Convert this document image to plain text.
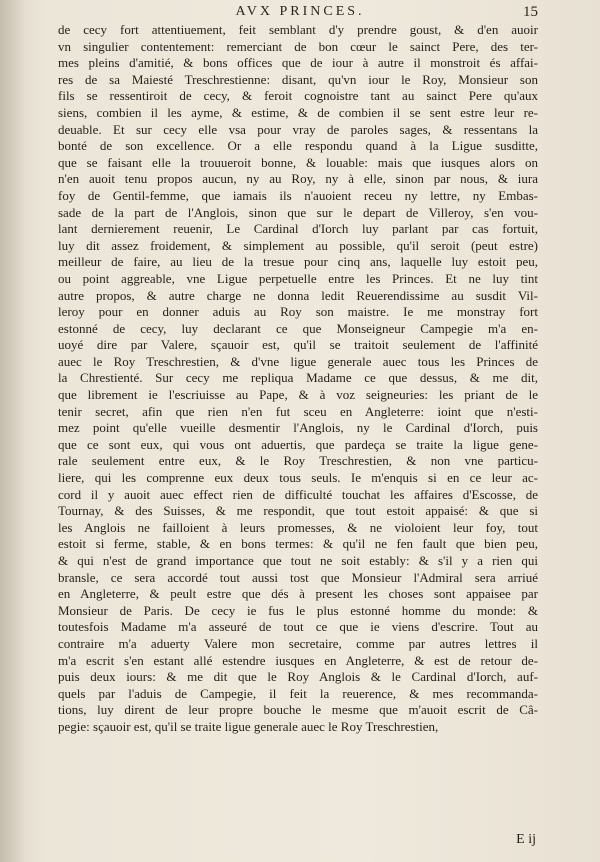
AVX PRINCES.	15
de cecy fort attentiuement, feit semblant d'y prendre goust, & d'en auoir
vn singulier contentement: remerciant de bon cœur le sainct Pere, des ter-
mes pleins d'amitié, & bons offices que de iour à autre il monstroit és affai-
res de sa Maiesté Treschrestienne: disant, qu'vn iour le Roy, Monsieur son
fils se ressentiroit de cecy, & feroit cognoistre tant au sainct Pere qu'aux
siens, combien il les ayme, & estime, & de combien il se sent estre leur re-
deuable. Et sur cecy elle vsa pour vray de paroles sages, & ressentans la
bonté de son excellence. Or a elle respondu quand à la Ligue susditte,
que se faisant elle la trouueroit bonne, & louable: mais que iusques alors on
n'en auoit tenu propos aucun, ny au Roy, ny à elle, sinon par nous, & iura
foy de Gentil-femme, que iamais ils n'auoient receu ny lettre, ny Embas-
sade de la part de l'Anglois, sinon que sur le depart de Villeroy, s'en vou-
lant dernierement reuenir, Le Cardinal d'Iorch luy parlant par cas fortuit,
luy dit assez froidement, & simplement au possible, qu'il seroit (peut estre)
meilleur de faire, au lieu de la tresue pour cinq ans, laquelle luy estoit peu,
ou point aggreable, vne Ligue perpetuelle entre les Princes. Et ne luy tint
autre propos, & autre charge ne donna ledit Reuerendissime au susdit Vil-
leroy pour en donner aduis au Roy son maistre. Ie me monstray fort
estonné de cecy, luy declarant ce que Monseigneur Campegie m'a en-
uoyé dire par Valere, sçauoir est, qu'il se traitoit seulement de l'affinité
auec le Roy Treschrestien, & d'vne ligue generale auec tous les Princes de
la Chrestienté. Sur cecy me repliqua Madame ce que dessus, & me dit,
que librement ie l'escriuisse au Pape, & à voz seigneuries: les priant de le
tenir secret, afin que rien n'en fut sceu en Angleterre: ioint que n'esti-
mez point qu'elle vueille desmentir l'Anglois, ny le Cardinal d'Iorch, puis
que ce sont eux, qui vous ont aduertis, que pardeça se traite la ligue gene-
rale seulement entre eux, & le Roy Treschrestien, & non vne particu-
liere, qui les comprenne eux deux tous seuls. Ie m'enquis si en ce leur ac-
cord il y auoit auec effect rien de difficulté touchat les affaires d'Escosse, de
Tournay, & des Suisses, & me respondit, que tout estoit appaisé: & que si
les Anglois ne failloient à leurs promesses, & ne violoient leur foy, tout
estoit si ferme, stable, & en bons termes: & qu'il ne fen fault que bien peu,
& qui n'est de grand importance que tout ne soit estably: & s'il y a rien qui
bransle, ce sera accordé tout aussi tost que Monsieur l'Admiral sera arriué
en Angleterre, & peult estre que dés à present les choses sont appaisee par
Monsieur de Paris. De cecy ie fus le plus estonné homme du monde: &
toutesfois Madame m'a asseuré de tout ce que ie viens d'escrire. Tout au
contraire m'a aduerty Valere mon secretaire, comme par autres lettres il
m'a escrit s'en estant allé estendre iusques en Angleterre, & est de retour de-
puis deux iours: & me dit que le Roy Anglois & le Cardinal d'Iorch, auf-
quels par l'aduis de Campegie, il feit la reuerence, & mes recommanda-
tions, luy dirent de leur propre bouche le mesme que m'auoit escrit de Câ-
pegie: sçauoir est, qu'il se traite ligue generale auec le Roy Treschrestien,
E ij
